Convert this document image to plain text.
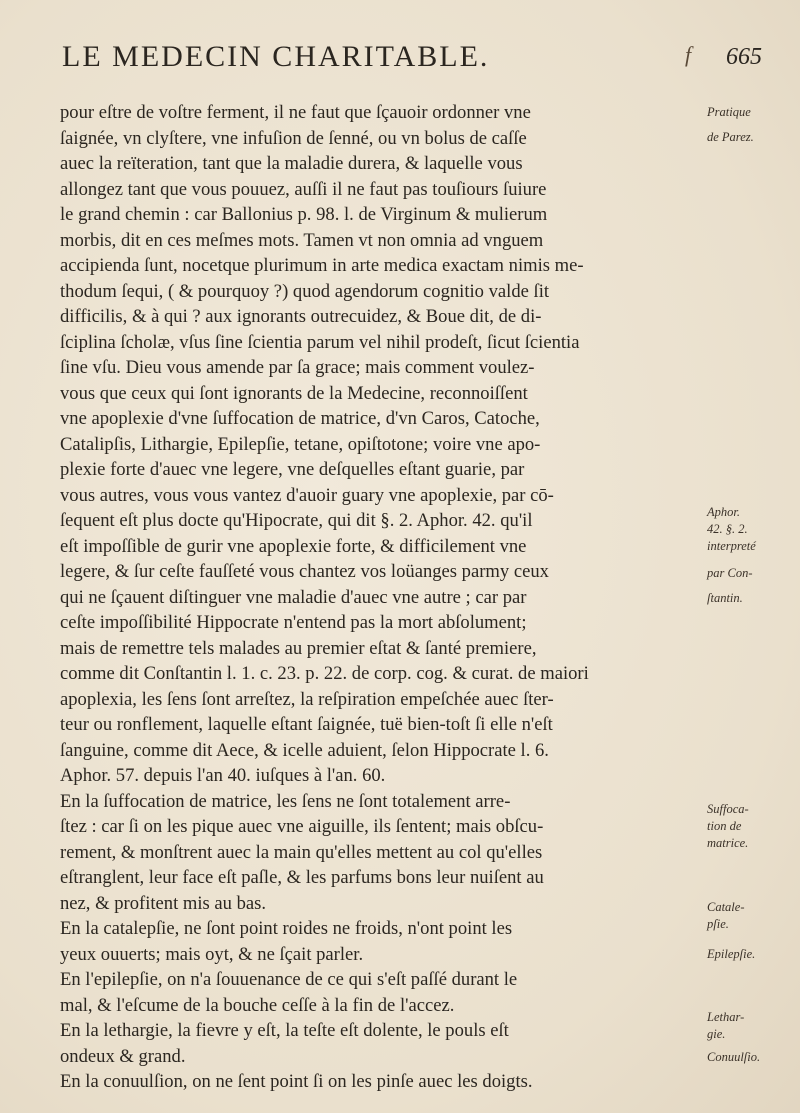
LE MEDECIN CHARITABLE.	f 665
pour eſtre de voſtre ferment, il ne faut que ſçauoir ordonner vne
ſaignée, vn clyſtere, vne infuſion de ſenné, ou vn bolus de caſſe
auec la reïteration, tant que la maladie durera, & laquelle vous
allongez tant que vous pouuez, auſſi il ne faut pas touſiours ſuiure
le grand chemin : car Ballonius p. 98. l. de Virginum & mulierum
morbis, dit en ces meſmes mots. Tamen vt non omnia ad vnguem
accipienda ſunt, nocetque plurimum in arte medica exactam nimis me-
thodum ſequi, ( & pourquoy ?) quod agendorum cognitio valde ſit
difficilis, & à qui ? aux ignorants outrecuidez, & Boue dit, de di-
ſciplina ſcholæ, vſus ſine ſcientia parum vel nihil prodeſt, ſicut ſcientia
ſine vſu. Dieu vous amende par ſa grace; mais comment voulez-
vous que ceux qui ſont ignorants de la Medecine, reconnoiſſent
vne apoplexie d'vne ſuffocation de matrice, d'vn Caros, Catoche,
Catalipſis, Lithargie, Epilepſie, tetane, opiſtotone; voire vne apo-
plexie forte d'auec vne legere, vne deſquelles eſtant guarie, par
vous autres, vous vous vantez d'auoir guary vne apoplexie, par cō-
ſequent eſt plus docte qu'Hipocrate, qui dit §. 2. Aphor. 42. qu'il
eſt impoſſible de gurir vne apoplexie forte, & difficilement vne
legere, & ſur ceſte fauſſeté vous chantez vos loüanges parmy ceux
qui ne ſçauent diſtinguer vne maladie d'auec vne autre ; car par
ceſte impoſſibilité Hippocrate n'entend pas la mort abſolument;
mais de remettre tels malades au premier eſtat & ſanté premiere,
comme dit Conſtantin l. 1. c. 23. p. 22. de corp. cog. & curat. de maiori
apoplexia, les ſens ſont arreſtez, la reſpiration empeſchée auec ſter-
teur ou ronflement, laquelle eſtant ſaignée, tuë bien-toſt ſi elle n'eſt
ſanguine, comme dit Aece, & icelle aduient, ſelon Hippocrate l. 6.
Aphor. 57. depuis l'an 40. iuſques à l'an. 60.
En la ſuffocation de matrice, les ſens ne ſont totalement arre-
ſtez : car ſi on les pique auec vne aiguille, ils ſentent; mais obſcu-
rement, & monſtrent auec la main qu'elles mettent au col qu'elles
eſtranglent, leur face eſt paſle, & les parfums bons leur nuiſent au
nez, & profitent mis au bas.
En la catalepſie, ne ſont point roides ne froids, n'ont point les
yeux ouuerts; mais oyt, & ne ſçait parler.
En l'epilepſie, on n'a ſouuenance de ce qui s'eſt paſſé durant le
mal, & l'eſcume de la bouche ceſſe à la fin de l'accez.
En la lethargie, la fievre y eſt, la teſte eſt dolente, le pouls eſt
ondeux & grand.
En la conuulſion, on ne ſent point ſi on les pinſe auec les doigts.
Pratique
de Parez.
Aphor.
42. §. 2.
interpreté
par Con-
ſtantin.
Suffoca-
tion de
matrice.
Catale-
pſie.
Epilepſie.
Lethar-
gie.
Conuulſio.
